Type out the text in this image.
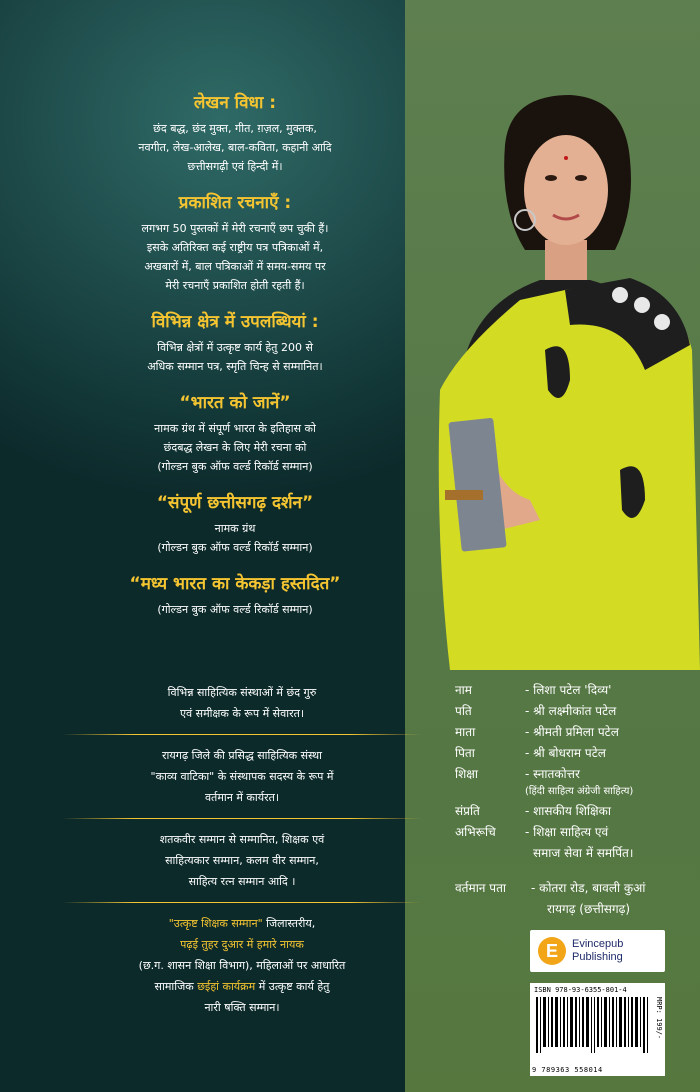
लेखन विधा :

छंद बद्ध, छंद मुक्त, गीत, ग़ज़ल, मुक्तक,

नवगीत, लेख-आलेख, बाल-कविता, कहानी आदि

छत्तीसगढ़ी एवं हिन्दी में।

प्रकाशित रचनाएँ :

लगभग 50 पुस्तकों में मेरी रचनाएँ छप चुकी हैं।

इसके अतिरिक्त कई राष्ट्रीय पत्र पत्रिकाओं में,

अखबारों में, बाल पत्रिकाओं में समय-समय पर

मेरी रचनाएँ प्रकाशित होती रहती हैं।

विभिन्न क्षेत्र में उपलब्धियां :

विभिन्न क्षेत्रों में उत्कृष्ट कार्य हेतु 200 से

अधिक सम्मान पत्र, स्मृति चिन्ह से सम्मानित।

“भारत को जानें”

नामक ग्रंथ में संपूर्ण भारत के इतिहास को

छंदबद्ध लेखन के लिए मेरी रचना को

(गोल्डन बुक ऑफ वर्ल्ड रिकॉर्ड सम्मान)

“संपूर्ण छत्तीसगढ़ दर्शन”

नामक ग्रंथ

(गोल्डन बुक ऑफ वर्ल्ड रिकॉर्ड सम्मान)

“मध्य भारत का केकड़ा हस्तदित”

(गोल्डन बुक ऑफ वर्ल्ड रिकॉर्ड सम्मान)

विभिन्न साहित्यिक संस्थाओं में छंद गुरु
एवं समीक्षक के रूप में सेवारत।
रायगढ़ जिले की प्रसिद्ध साहित्यिक संस्था
"काव्य वाटिका" के संस्थापक सदस्य के रूप में
वर्तमान में कार्यरत।
शतकवीर सम्मान से सम्मानित, शिक्षक एवं
साहित्यकार सम्मान, कलम वीर सम्मान,
साहित्य रत्न सम्मान आदि ।
"उत्कृष्ट शिक्षक सम्मान" जिलास्तरीय,
पढ़ई तुहर दुआर में हमारे नायक
(छ.ग. शासन शिक्षा विभाग), महिलाओं पर आधारित
सामाजिक छईहां कार्यक्रम में उत्कृष्ट कार्य हेतु
नारी षक्ति सम्मान।
नाम	- लिशा पटेल 'दिव्य'
पति	- श्री लक्ष्मीकांत पटेल
माता	- श्रीमती प्रमिला पटेल
पिता	- श्री बोधराम पटेल
शिक्षा	- स्नातकोत्तर
(हिंदी साहित्य अंग्रेजी साहित्य)
संप्रति	- शासकीय शिक्षिका
अभिरूचि	- शिक्षा साहित्य एवं
समाज सेवा में समर्पित।
वर्तमान पता	- कोतरा रोड, बावली कुआं
रायगढ़ (छत्तीसगढ़)
E	Evincepub
Publishing
ISBN 978-93-6355-801-4
MRP: 199/-
9 789363 558014
